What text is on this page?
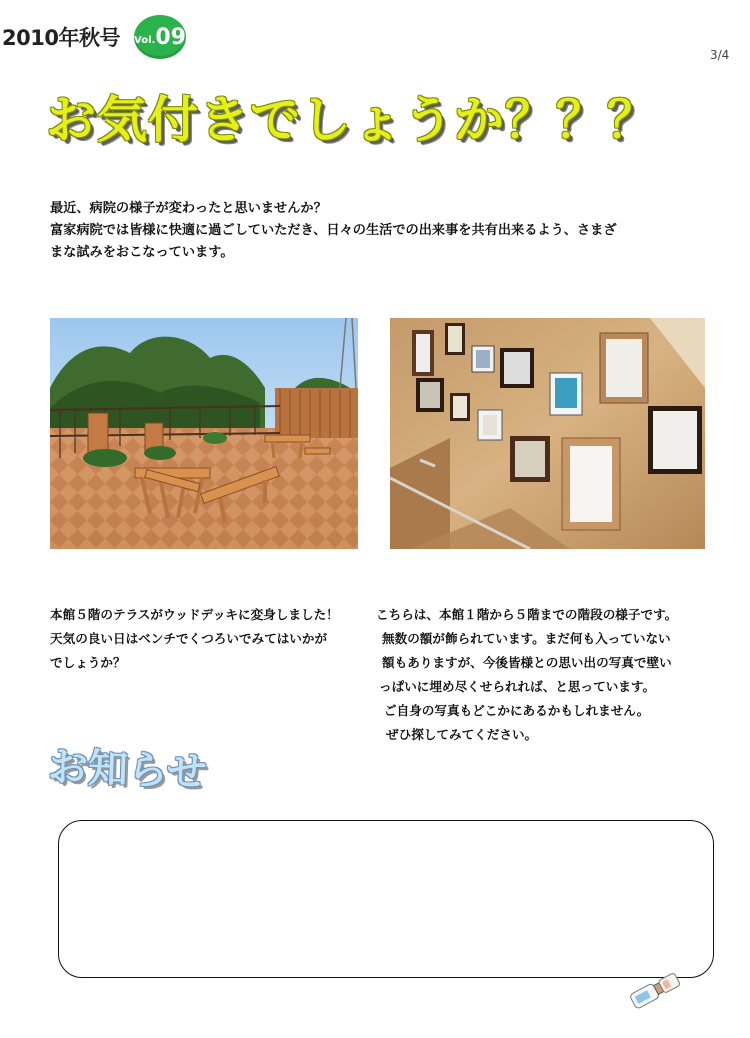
2010年秋号 Vol. 09
3/4
お気付きでしょうか？？？
最近、病院の様子が変わったと思いませんか？
富家病院では皆様に快適に過ごしていただき、日々の生活での出来事を共有出来るよう、さまざ
まな試みをおこなっています。
本館５階のテラスがウッドデッキに変身しました！
天気の良い日はベンチでくつろいでみてはいかが
でしょうか？
こちらは、本館１階から５階までの階段の様子です。
無数の額が飾られています。まだ何も入っていない
額もありますが、今後皆様との思い出の写真で壁い
っぱいに埋め尽くせられれば、と思っています。
ご自身の写真もどこかにあるかもしれません。
ぜひ探してみてください。
お知らせ
